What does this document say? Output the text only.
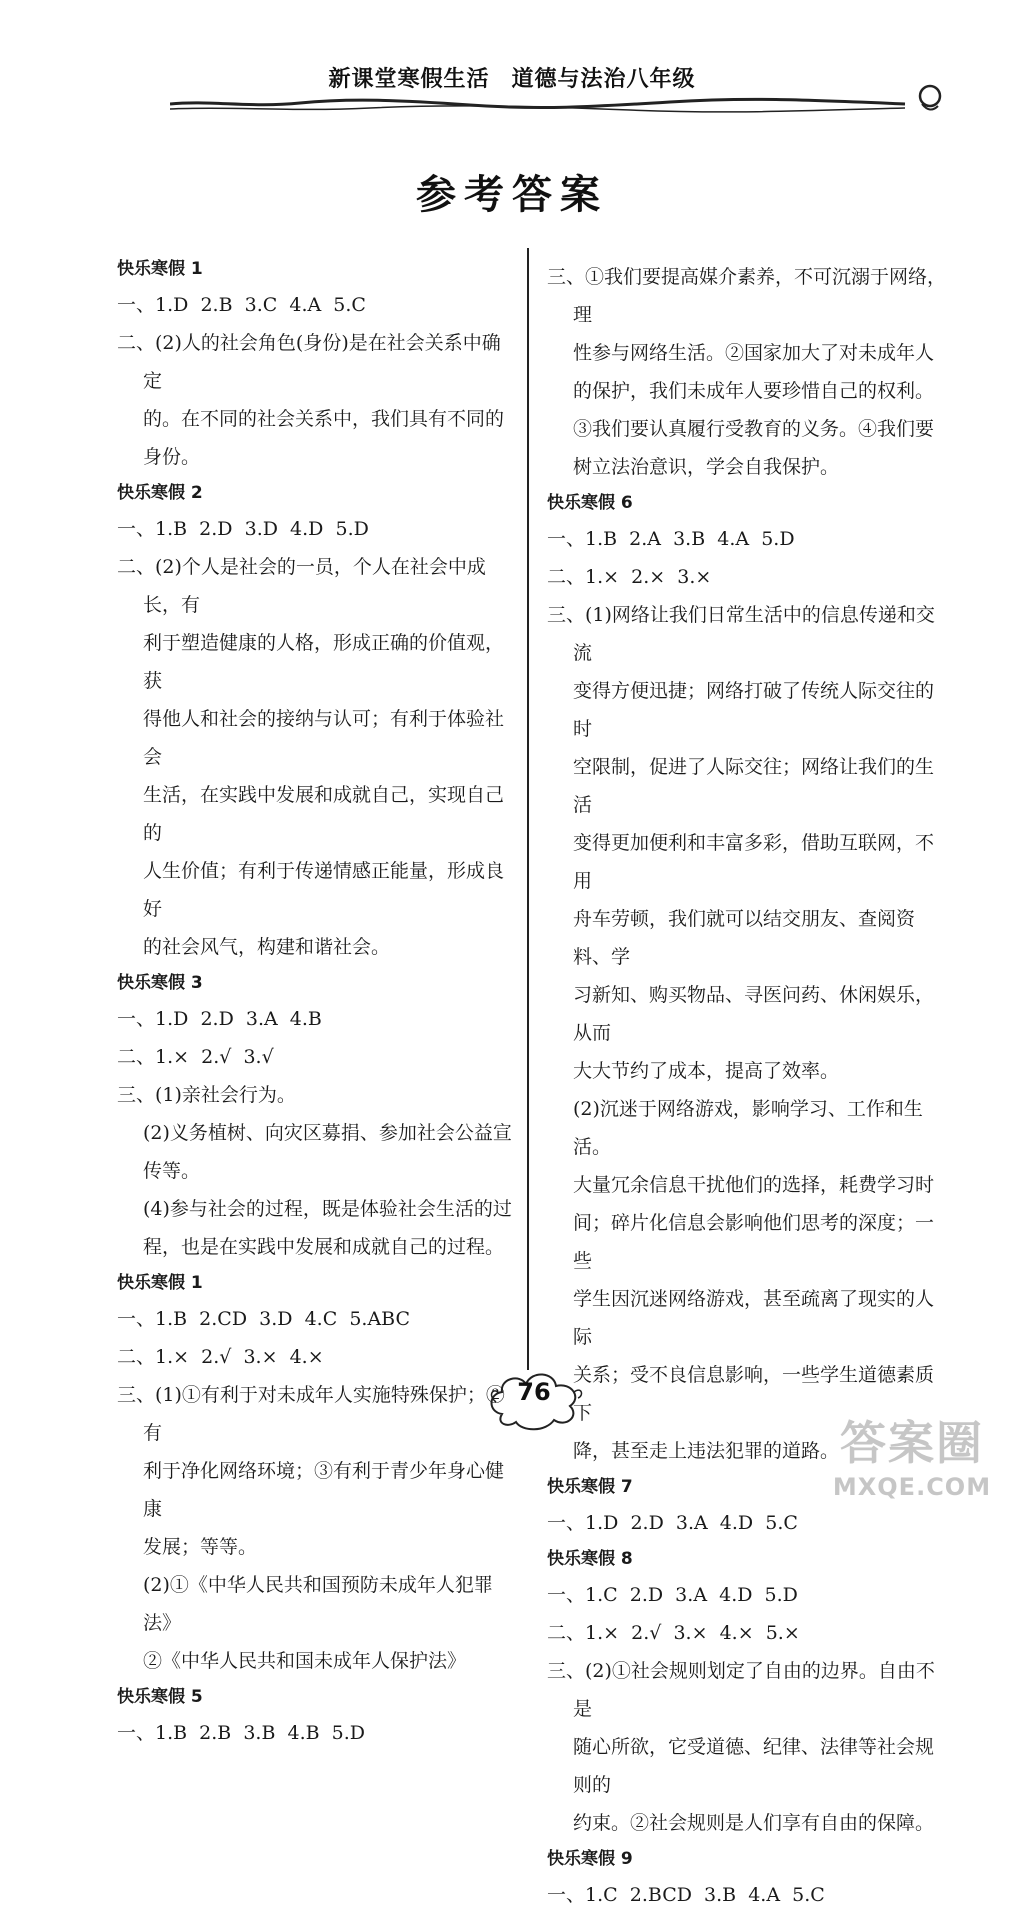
新课堂寒假生活 道德与法治八年级
参考答案
快乐寒假 1
一、1.D  2.B  3.C  4.A  5.C
二、(2)人的社会角色(身份)是在社会关系中确定
的。在不同的社会关系中，我们具有不同的
身份。
快乐寒假 2
一、1.B  2.D  3.D  4.D  5.D
二、(2)个人是社会的一员，个人在社会中成长，有
利于塑造健康的人格，形成正确的价值观，获
得他人和社会的接纳与认可；有利于体验社会
生活，在实践中发展和成就自己，实现自己的
人生价值；有利于传递情感正能量，形成良好
的社会风气，构建和谐社会。
快乐寒假 3
一、1.D  2.D  3.A  4.B
二、1.×  2.√  3.√
三、(1)亲社会行为。
(2)义务植树、向灾区募捐、参加社会公益宣
传等。
(4)参与社会的过程，既是体验社会生活的过
程，也是在实践中发展和成就自己的过程。
快乐寒假 1
一、1.B  2.CD  3.D  4.C  5.ABC
二、1.×  2.√  3.×  4.×
三、(1)①有利于对未成年人实施特殊保护；②有
利于净化网络环境；③有利于青少年身心健康
发展；等等。
(2)①《中华人民共和国预防未成年人犯罪法》
②《中华人民共和国未成年人保护法》
快乐寒假 5
一、1.B  2.B  3.B  4.B  5.D
三、①我们要提高媒介素养，不可沉溺于网络，理
性参与网络生活。②国家加大了对未成年人
的保护，我们未成年人要珍惜自己的权利。
③我们要认真履行受教育的义务。④我们要
树立法治意识，学会自我保护。
快乐寒假 6
一、1.B  2.A  3.B  4.A  5.D
二、1.×  2.×  3.×
三、(1)网络让我们日常生活中的信息传递和交流
变得方便迅捷；网络打破了传统人际交往的时
空限制，促进了人际交往；网络让我们的生活
变得更加便利和丰富多彩，借助互联网，不用
舟车劳顿，我们就可以结交朋友、查阅资料、学
习新知、购买物品、寻医问药、休闲娱乐，从而
大大节约了成本，提高了效率。
(2)沉迷于网络游戏，影响学习、工作和生活。
大量冗余信息干扰他们的选择，耗费学习时
间；碎片化信息会影响他们思考的深度；一些
学生因沉迷网络游戏，甚至疏离了现实的人际
关系；受不良信息影响，一些学生道德素质下
降，甚至走上违法犯罪的道路。
快乐寒假 7
一、1.D  2.D  3.A  4.D  5.C
快乐寒假 8
一、1.C  2.D  3.A  4.D  5.D
二、1.×  2.√  3.×  4.×  5.×
三、(2)①社会规则划定了自由的边界。自由不是
随心所欲，它受道德、纪律、法律等社会规则的
约束。②社会规则是人们享有自由的保障。
快乐寒假 9
一、1.C  2.BCD  3.B  4.A  5.C
76
答案圈
MXQE.COM
